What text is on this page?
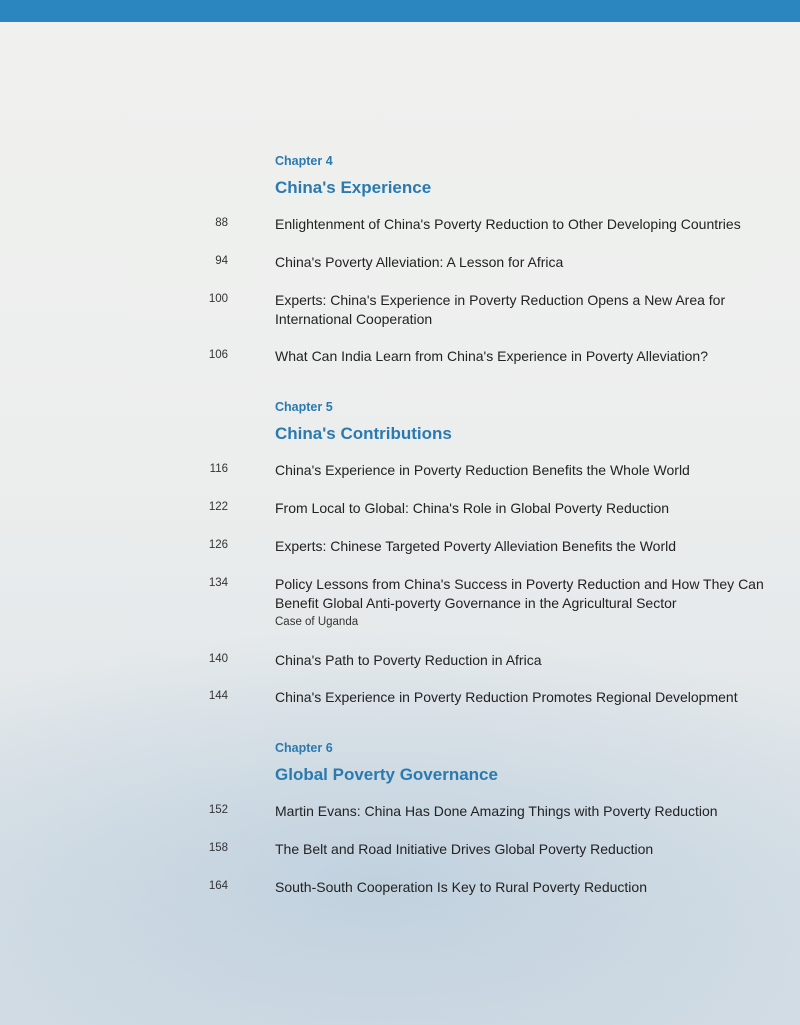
Chapter 4
China's Experience
88	Enlightenment of China's Poverty Reduction to Other Developing Countries
94	China's Poverty Alleviation: A Lesson for Africa
100	Experts: China's Experience in Poverty Reduction Opens a New Area for International Cooperation
106	What Can India Learn from China's Experience in Poverty Alleviation?
Chapter 5
China's Contributions
116	China's Experience in Poverty Reduction Benefits the Whole World
122	From Local to Global: China's Role in Global Poverty Reduction
126	Experts: Chinese Targeted Poverty Alleviation Benefits the World
134	Policy Lessons from China's Success in Poverty Reduction and How They Can Benefit Global Anti-poverty Governance in the Agricultural Sector
Case of Uganda
140	China's Path to Poverty Reduction in Africa
144	China's Experience in Poverty Reduction Promotes Regional Development
Chapter 6
Global Poverty Governance
152	Martin Evans: China Has Done Amazing Things with Poverty Reduction
158	The Belt and Road Initiative Drives Global Poverty Reduction
164	South-South Cooperation Is Key to Rural Poverty Reduction
